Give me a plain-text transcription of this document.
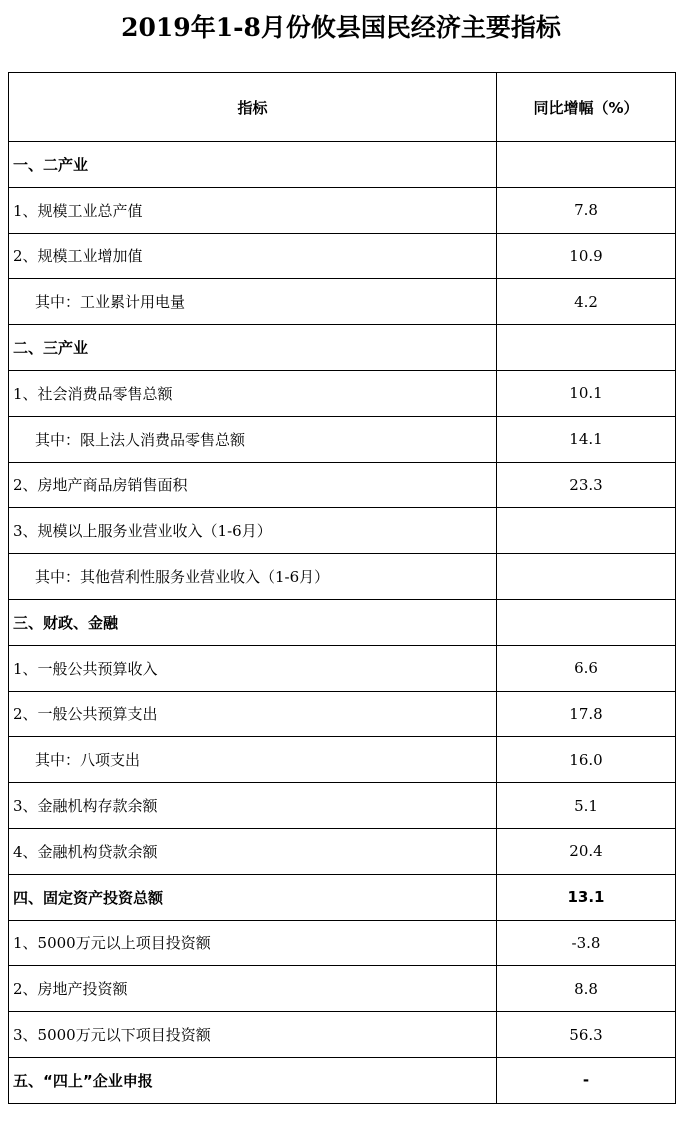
2019年1-8月份攸县国民经济主要指标
指标	同比增幅（%）
一、二产业	
1、规模工业总产值	7.8
2、规模工业增加值	10.9
其中：工业累计用电量	4.2
二、三产业	
1、社会消费品零售总额	10.1
其中：限上法人消费品零售总额	14.1
2、房地产商品房销售面积	23.3
3、规模以上服务业营业收入（1-6月）	
其中：其他营利性服务业营业收入（1-6月）	
三、财政、金融	
1、一般公共预算收入	6.6
2、一般公共预算支出	17.8
其中：八项支出	16.0
3、金融机构存款余额	5.1
4、金融机构贷款余额	20.4
四、固定资产投资总额	13.1
1、5000万元以上项目投资额	-3.8
2、房地产投资额	8.8
3、5000万元以下项目投资额	56.3
五、“四上”企业申报	-
